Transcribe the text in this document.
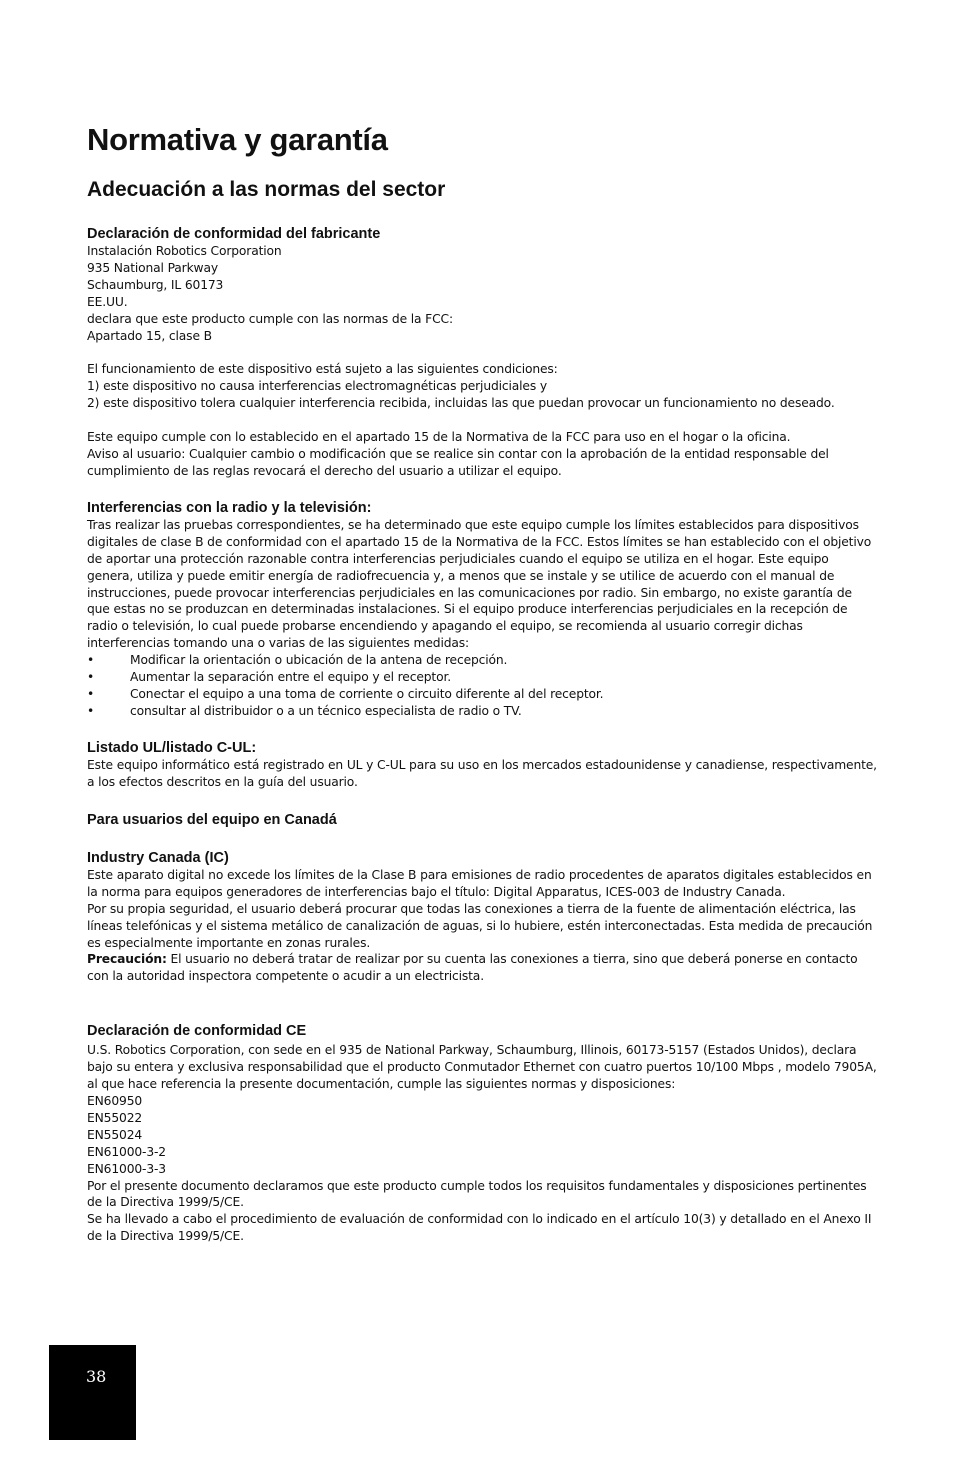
Normativa y garantía
Adecuación a las normas del sector
Declaración de conformidad del fabricante

Instalación Robotics Corporation

935 National Parkway

Schaumburg, IL 60173

EE.UU.

declara que este producto cumple con las normas de la FCC:

Apartado 15, clase B

El funcionamiento de este dispositivo está sujeto a las siguientes condiciones:

1) este dispositivo no causa interferencias electromagnéticas perjudiciales y

2) este dispositivo tolera cualquier interferencia recibida, incluidas las que puedan provocar un funcionamiento no deseado.

Este equipo cumple con lo establecido en el apartado 15 de la Normativa de la FCC para uso en el hogar o la oficina.

Aviso al usuario: Cualquier cambio o modificación que se realice sin contar con la aprobación de la entidad responsable del cumplimiento de las reglas revocará el derecho del usuario a utilizar el equipo.

Interferencias con la radio y la televisión:

Tras realizar las pruebas correspondientes, se ha determinado que este equipo cumple los límites establecidos para dispositivos digitales de clase B de conformidad con el apartado 15 de la Normativa de la FCC. Estos límites se han establecido con el objetivo de aportar una protección razonable contra interferencias perjudiciales cuando el equipo se utiliza en el hogar. Este equipo genera, utiliza y puede emitir energía de radiofrecuencia y, a menos que se instale y se utilice de acuerdo con el manual de instrucciones, puede provocar interferencias perjudiciales en las comunicaciones por radio. Sin embargo, no existe garantía de que estas no se produzcan en determinadas instalaciones. Si el equipo produce interferencias perjudiciales en la recepción de radio o televisión, lo cual puede probarse encendiendo y apagando el equipo, se recomienda al usuario corregir dichas interferencias tomando una o varias de las siguientes medidas:

•	Modificar la orientación o ubicación de la antena de recepción.
•	Aumentar la separación entre el equipo y el receptor.
•	Conectar el equipo a una toma de corriente o circuito diferente al del receptor.
•	consultar al distribuidor o a un técnico especialista de radio o TV.
Listado UL/listado C-UL:

Este equipo informático está registrado en UL y C-UL para su uso en los mercados estadounidense y canadiense, respectivamente, a los efectos descritos en la guía del usuario.

Para usuarios del equipo en Canadá
Industry Canada (IC)

Este aparato digital no excede los límites de la Clase B para emisiones de radio procedentes de aparatos digitales establecidos en la norma para equipos generadores de interferencias bajo el título: Digital Apparatus, ICES-003 de Industry Canada.

Por su propia seguridad, el usuario deberá procurar que todas las conexiones a tierra de la fuente de alimentación eléctrica, las líneas telefónicas y el sistema metálico de canalización de aguas, si lo hubiere, estén interconectadas. Esta medida de precaución es especialmente importante en zonas rurales.

Precaución: El usuario no deberá tratar de realizar por su cuenta las conexiones a tierra, sino que deberá ponerse en contacto con la autoridad inspectora competente o acudir a un electricista.

Declaración de conformidad CE

U.S. Robotics Corporation, con sede en el 935 de National Parkway, Schaumburg, Illinois, 60173-5157 (Estados Unidos), declara bajo su entera y exclusiva responsabilidad que el producto Conmutador Ethernet con cuatro puertos 10/100 Mbps , modelo 7905A, al que hace referencia la presente documentación, cumple las siguientes normas y disposiciones:

EN60950

EN55022

EN55024

EN61000-3-2

EN61000-3-3

Por el presente documento declaramos que este producto cumple todos los requisitos fundamentales y disposiciones pertinentes de la Directiva 1999/5/CE.

Se ha llevado a cabo el procedimiento de evaluación de conformidad con lo indicado en el artículo 10(3) y detallado en el Anexo II de la Directiva 1999/5/CE.

38
